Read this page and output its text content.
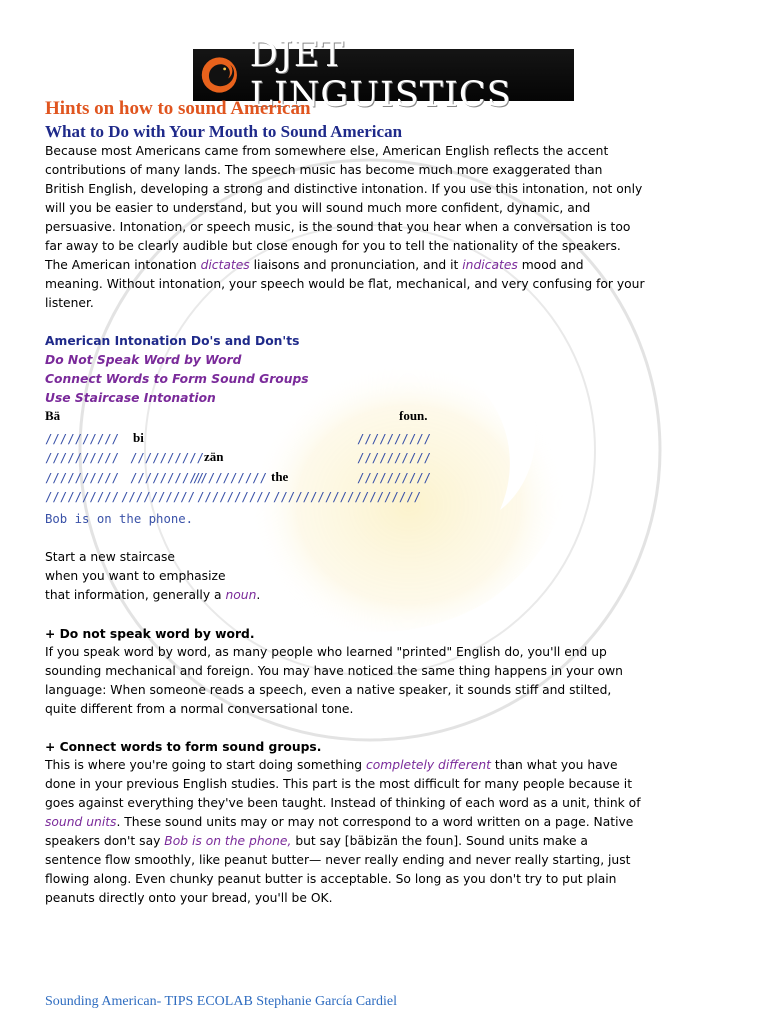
DJET LINGUISTICS
Hints on how to sound American
What to Do with Your Mouth to Sound American

Because most Americans came from somewhere else, American English reflects the accent contributions of many lands. The speech music has become much more exaggerated than British English, developing a strong and distinctive intonation. If you use this intonation, not only will you be easier to understand, but you will sound much more confident, dynamic, and persuasive. Intonation, or speech music, is the sound that you hear when a conversation is too far away to be clearly audible but close enough for you to tell the nationality of the speakers. The American intonation dictates liaisons and pronunciation, and it indicates mood and meaning. Without intonation, your speech would be flat, mechanical, and very confusing for your listener.

American Intonation Do's and Don'ts

Do Not Speak Word by Word

Connect Words to Form Sound Groups

Use Staircase Intonation

Bä	foun.
////////// bi	//////////
////////// ////////// zän	//////////
////////// //////////
////////// the	//////////
////////// ////////// ////////// ////////// //////////
Bob is on the phone.

Start a new staircase

when you want to emphasize

that information, generally a noun.

+ Do not speak word by word.

If you speak word by word, as many people who learned "printed" English do, you'll end up sounding mechanical and foreign. You may have noticed the same thing happens in your own language: When someone reads a speech, even a native speaker, it sounds stiff and stilted, quite different from a normal conversational tone.

+ Connect words to form sound groups.

This is where you're going to start doing something completely different than what you have done in your previous English studies. This part is the most difficult for many people because it goes against everything they've been taught. Instead of thinking of each word as a unit, think of sound units. These sound units may or may not correspond to a word written on a page. Native speakers don't say Bob is on the phone, but say [bäbizän the foun]. Sound units make a sentence flow smoothly, like peanut butter— never really ending and never really starting, just flowing along. Even chunky peanut butter is acceptable. So long as you don't try to put plain peanuts directly onto your bread, you'll be OK.

Sounding American- TIPS ECOLAB Stephanie García Cardiel
